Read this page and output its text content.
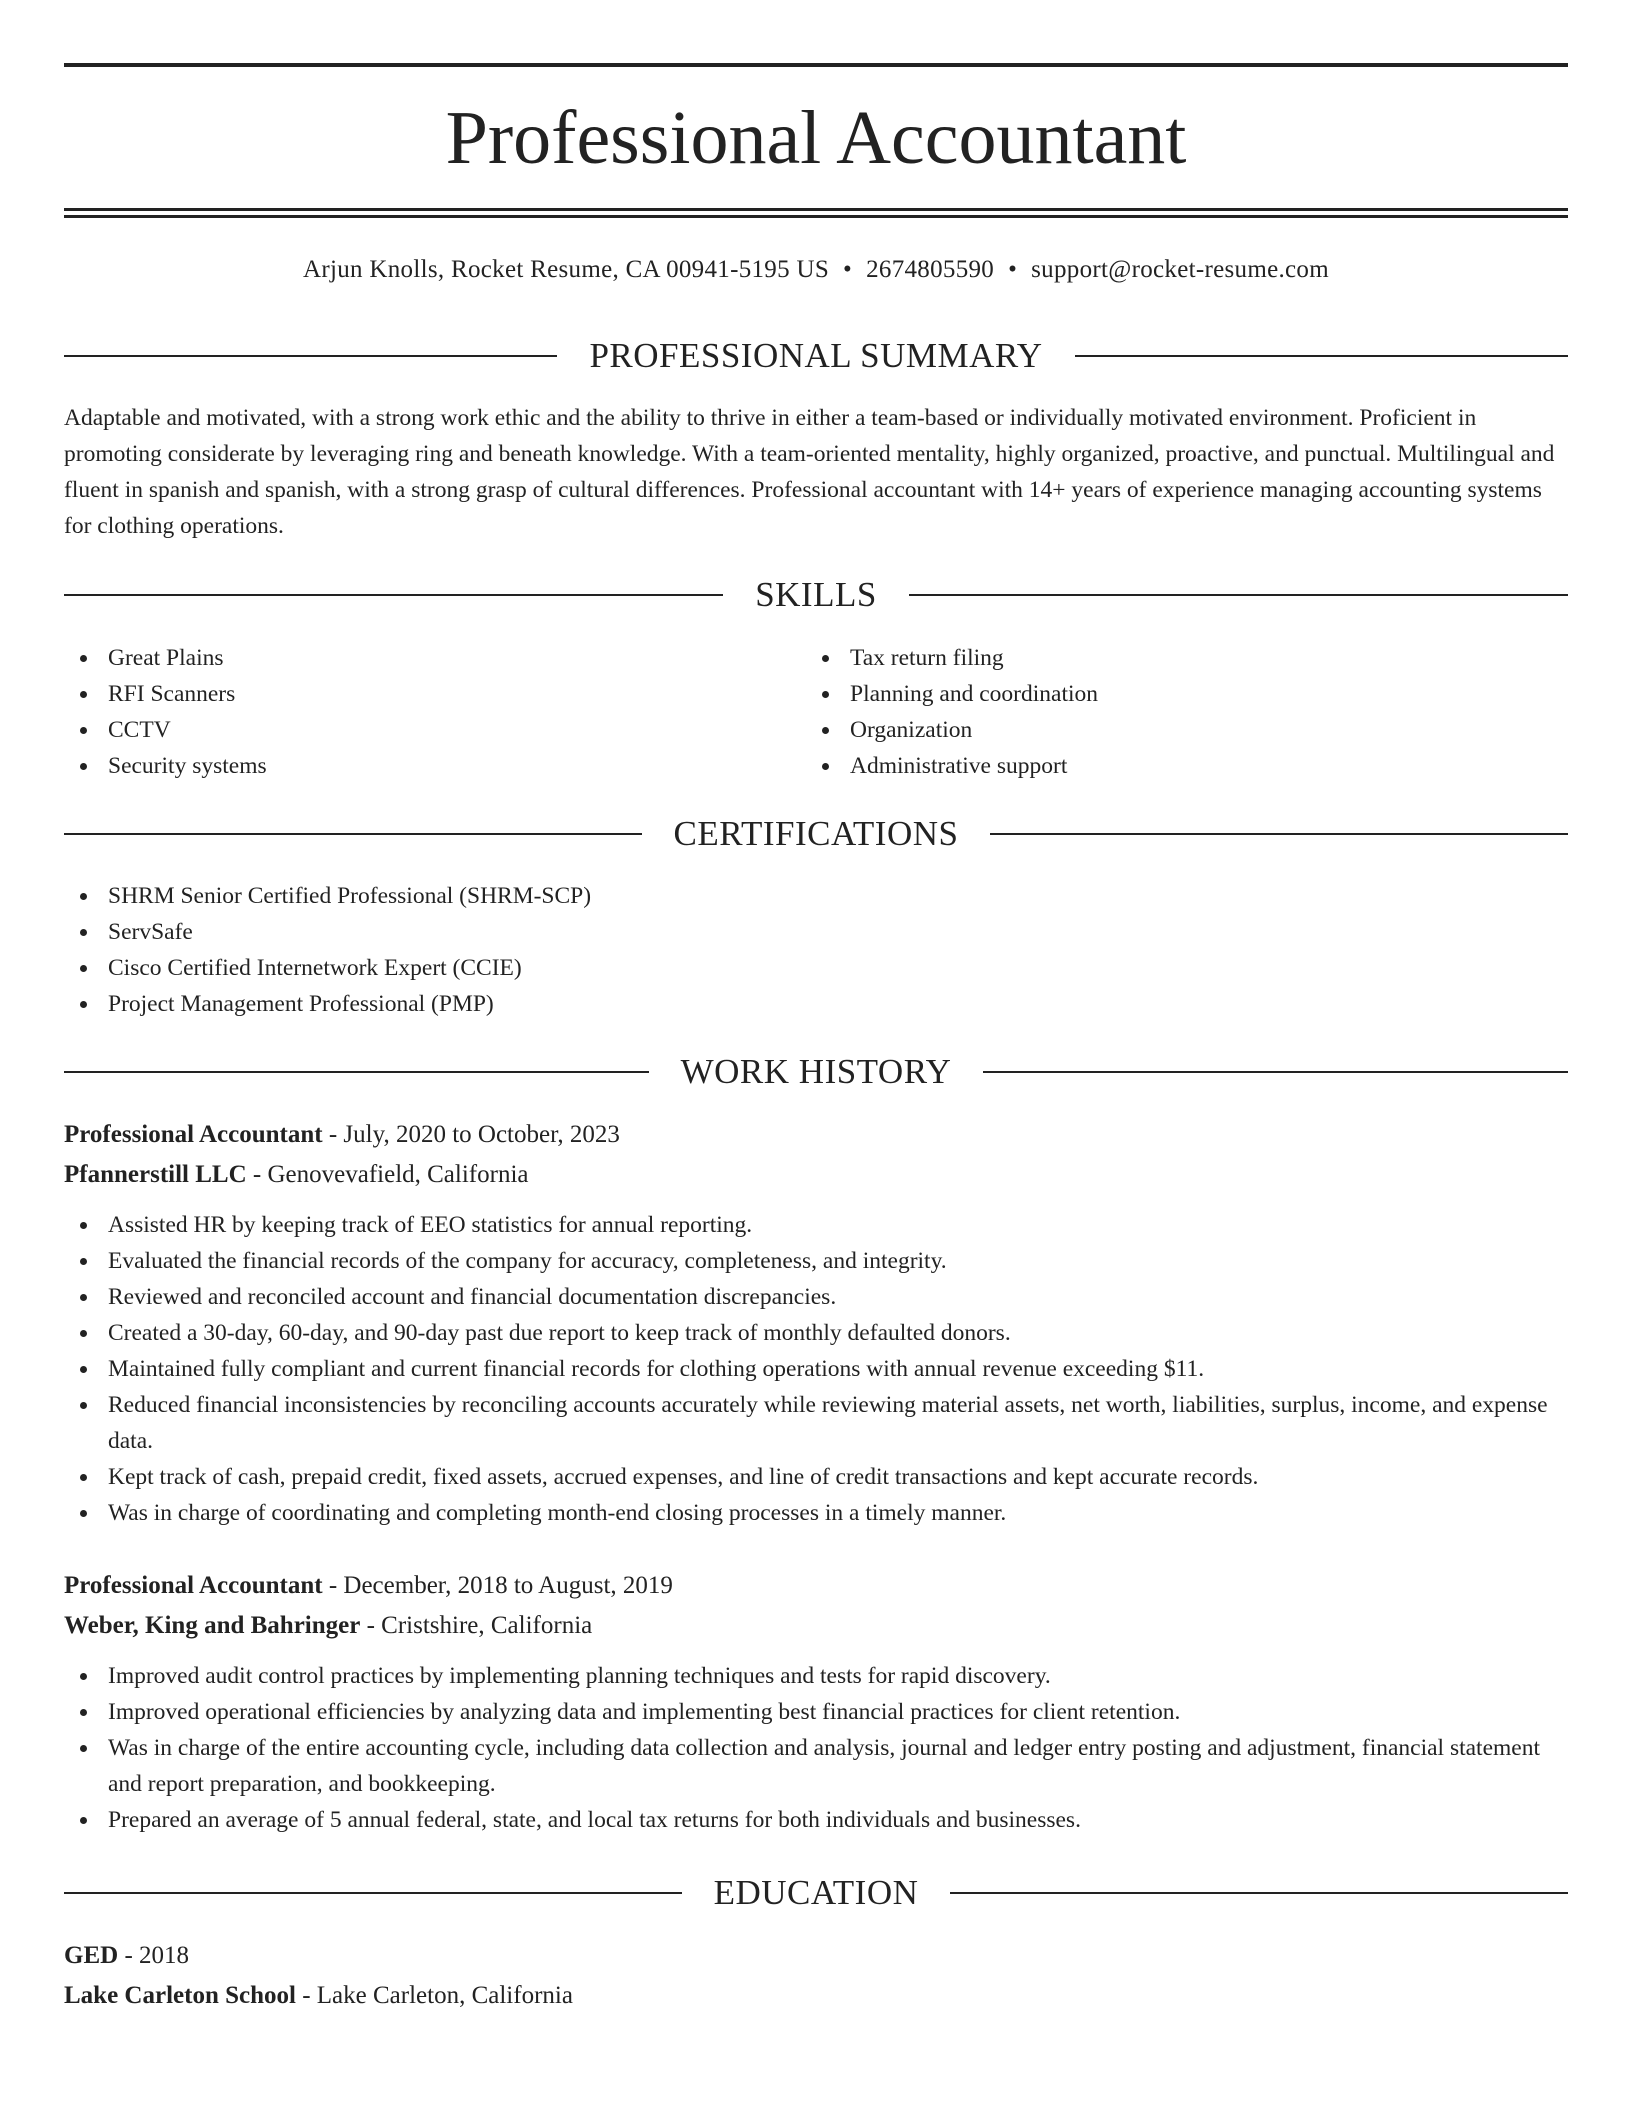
Professional Accountant
Arjun Knolls, Rocket Resume, CA 00941-5195 US • 2674805590 • support@rocket-resume.com
PROFESSIONAL SUMMARY

Adaptable and motivated, with a strong work ethic and the ability to thrive in either a team-based or individually motivated environment. Proficient in promoting considerate by leveraging ring and beneath knowledge. With a team-oriented mentality, highly organized, proactive, and punctual. Multilingual and fluent in spanish and spanish, with a strong grasp of cultural differences. Professional accountant with 14+ years of experience managing accounting systems for clothing operations.

SKILLS
Great Plains
RFI Scanners
CCTV
Security systems
Tax return filing
Planning and coordination
Organization
Administrative support
CERTIFICATIONS
SHRM Senior Certified Professional (SHRM-SCP)
ServSafe
Cisco Certified Internetwork Expert (CCIE)
Project Management Professional (PMP)
WORK HISTORY
Professional Accountant - July, 2020 to October, 2023
Pfannerstill LLC - Genovevafield, California
Assisted HR by keeping track of EEO statistics for annual reporting.
Evaluated the financial records of the company for accuracy, completeness, and integrity.
Reviewed and reconciled account and financial documentation discrepancies.
Created a 30-day, 60-day, and 90-day past due report to keep track of monthly defaulted donors.
Maintained fully compliant and current financial records for clothing operations with annual revenue exceeding $11.
Reduced financial inconsistencies by reconciling accounts accurately while reviewing material assets, net worth, liabilities, surplus, income, and expense data.
Kept track of cash, prepaid credit, fixed assets, accrued expenses, and line of credit transactions and kept accurate records.
Was in charge of coordinating and completing month-end closing processes in a timely manner.
Professional Accountant - December, 2018 to August, 2019
Weber, King and Bahringer - Cristshire, California
Improved audit control practices by implementing planning techniques and tests for rapid discovery.
Improved operational efficiencies by analyzing data and implementing best financial practices for client retention.
Was in charge of the entire accounting cycle, including data collection and analysis, journal and ledger entry posting and adjustment, financial statement and report preparation, and bookkeeping.
Prepared an average of 5 annual federal, state, and local tax returns for both individuals and businesses.
EDUCATION
GED - 2018
Lake Carleton School - Lake Carleton, California
